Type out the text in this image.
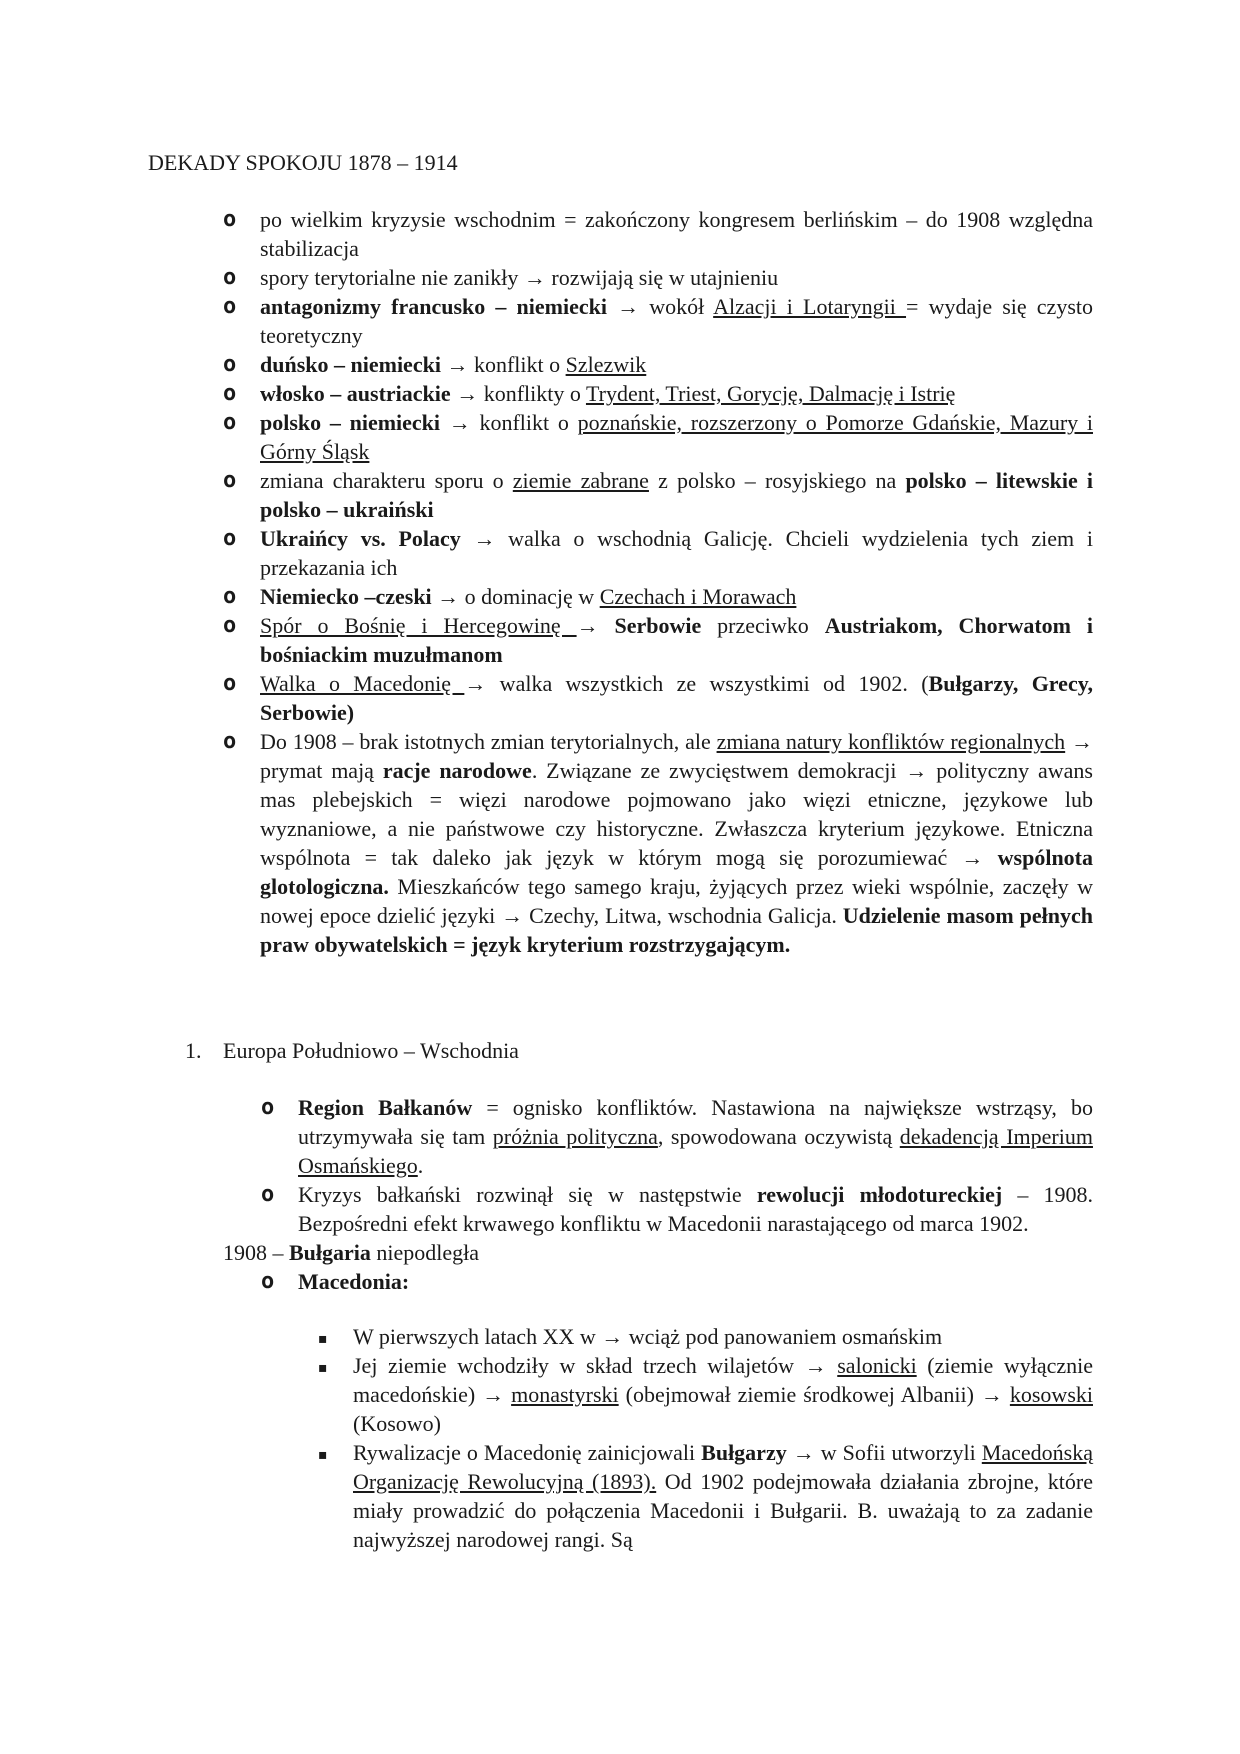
DEKADY SPOKOJU 1878 – 1914
o po wielkim kryzysie wschodnim = zakończony kongresem berlińskim – do 1908 względna stabilizacja
o spory terytorialne nie zanikły → rozwijają się w utajnieniu
o antagonizmy francusko – niemiecki → wokół Alzacji i Lotaryngii = wydaje się czysto teoretyczny
o duńsko – niemiecki → konflikt o Szlezwik
o włosko – austriackie → konflikty o Trydent, Triest, Gorycję, Dalmację i Istrię
o polsko – niemiecki → konflikt o poznańskie, rozszerzony o Pomorze Gdańskie, Mazury i Górny Śląsk
o zmiana charakteru sporu o ziemie zabrane z polsko – rosyjskiego na polsko – litewskie i polsko – ukraiński
o Ukraińcy vs. Polacy → walka o wschodnią Galicję. Chcieli wydzielenia tych ziem i przekazania ich
o Niemiecko –czeski → o dominację w Czechach i Morawach
o Spór o Bośnię i Hercegowinę → Serbowie przeciwko Austriakom, Chorwatom i bośniackim muzułmanom
o Walka o Macedonię → walka wszystkich ze wszystkimi od 1902. (Bułgarzy, Grecy, Serbowie)
o Do 1908 – brak istotnych zmian terytorialnych, ale zmiana natury konfliktów regionalnych → prymat mają racje narodowe. Związane ze zwycięstwem demokracji → polityczny awans mas plebejskich = więzi narodowe pojmowano jako więzi etniczne, językowe lub wyznaniowe, a nie państwowe czy historyczne. Zwłaszcza kryterium językowe. Etniczna wspólnota = tak daleko jak język w którym mogą się porozumiewać → wspólnota glotologiczna. Mieszkańców tego samego kraju, żyjących przez wieki wspólnie, zaczęły w nowej epoce dzielić języki → Czechy, Litwa, wschodnia Galicja. Udzielenie masom pełnych praw obywatelskich = język kryterium rozstrzygającym.
1. Europa Południowo – Wschodnia
o Region Bałkanów = ognisko konfliktów. Nastawiona na największe wstrząsy, bo utrzymywała się tam próżnia polityczna, spowodowana oczywistą dekadencją Imperium Osmańskiego.
o Kryzys bałkański rozwinął się w następstwie rewolucji młodotureckiej – 1908. Bezpośredni efekt krwawego konfliktu w Macedonii narastającego od marca 1902.
1908 – Bułgaria niepodległa
o Macedonia:
▪ W pierwszych latach XX w → wciąż pod panowaniem osmańskim
▪ Jej ziemie wchodziły w skład trzech wilajetów → salonicki (ziemie wyłącznie macedońskie) → monastyrski (obejmował ziemie środkowej Albanii) → kosowski (Kosowo)
▪ Rywalizacje o Macedonię zainicjowali Bułgarzy → w Sofii utworzyli Macedońską Organizację Rewolucyjną (1893). Od 1902 podejmowała działania zbrojne, które miały prowadzić do połączenia Macedonii i Bułgarii. B. uważają to za zadanie najwyższej narodowej rangi. Są
